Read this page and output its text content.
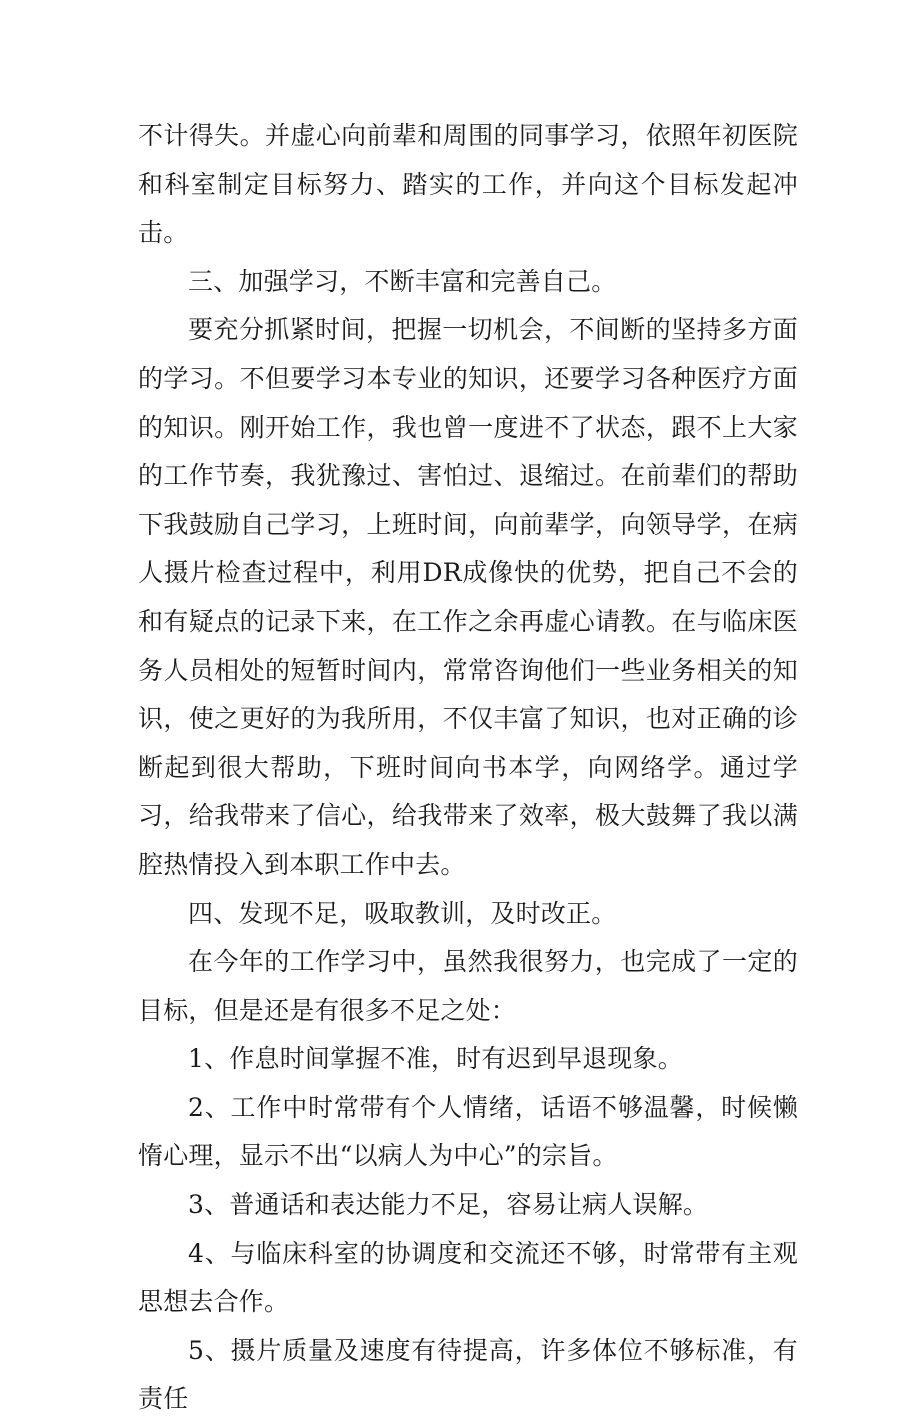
不计得失。并虚心向前辈和周围的同事学习，依照年初医院和科室制定目标努力、踏实的工作，并向这个目标发起冲击。

三、加强学习，不断丰富和完善自己。

要充分抓紧时间，把握一切机会，不间断的坚持多方面的学习。不但要学习本专业的知识，还要学习各种医疗方面的知识。刚开始工作，我也曾一度进不了状态，跟不上大家的工作节奏，我犹豫过、害怕过、退缩过。在前辈们的帮助下我鼓励自己学习，上班时间，向前辈学，向领导学，在病人摄片检查过程中，利用DR成像快的优势，把自己不会的和有疑点的记录下来，在工作之余再虚心请教。在与临床医务人员相处的短暂时间内，常常咨询他们一些业务相关的知识，使之更好的为我所用，不仅丰富了知识，也对正确的诊断起到很大帮助，下班时间向书本学，向网络学。通过学习，给我带来了信心，给我带来了效率，极大鼓舞了我以满腔热情投入到本职工作中去。

四、发现不足，吸取教训，及时改正。

在今年的工作学习中，虽然我很努力，也完成了一定的目标，但是还是有很多不足之处：

1、作息时间掌握不准，时有迟到早退现象。

2、工作中时常带有个人情绪，话语不够温馨，时候懒惰心理，显示不出“以病人为中心”的宗旨。

3、普通话和表达能力不足，容易让病人误解。

4、与临床科室的协调度和交流还不够，时常带有主观思想去合作。

5、摄片质量及速度有待提高，许多体位不够标准，有责任
